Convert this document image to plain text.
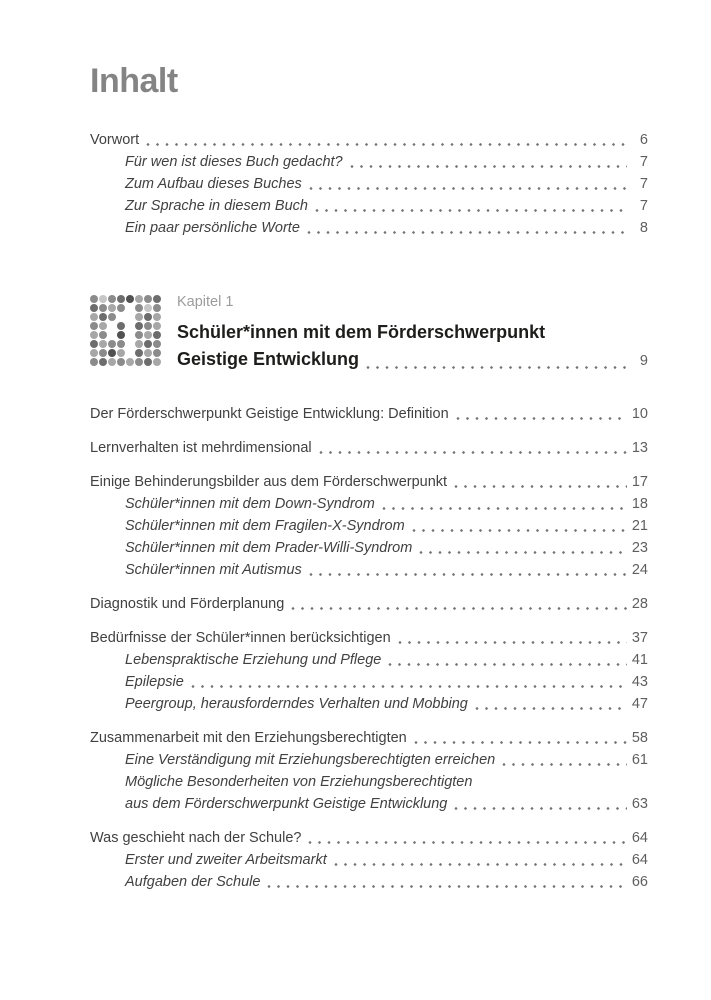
Inhalt
Vorwort	6
Für wen ist dieses Buch gedacht?	7
Zum Aufbau dieses Buches	7
Zur Sprache in diesem Buch	7
Ein paar persönliche Worte	8
Kapitel 1
Schüler*innen mit dem Förderschwerpunkt
Geistige Entwicklung	9
Der Förderschwerpunkt Geistige Entwicklung: Definition	10
Lernverhalten ist mehrdimensional	13
Einige Behinderungsbilder aus dem Förderschwerpunkt	17
Schüler*innen mit dem Down-Syndrom	18
Schüler*innen mit dem Fragilen-X-Syndrom	21
Schüler*innen mit dem Prader-Willi-Syndrom	23
Schüler*innen mit Autismus	24
Diagnostik und Förderplanung	28
Bedürfnisse der Schüler*innen berücksichtigen	37
Lebenspraktische Erziehung und Pflege	41
Epilepsie	43
Peergroup, herausforderndes Verhalten und Mobbing	47
Zusammenarbeit mit den Erziehungsberechtigten	58
Eine Verständigung mit Erziehungsberechtigten erreichen	61
Mögliche Besonderheiten von Erziehungsberechtigten
aus dem Förderschwerpunkt Geistige Entwicklung	63
Was geschieht nach der Schule?	64
Erster und zweiter Arbeitsmarkt	64
Aufgaben der Schule	66
